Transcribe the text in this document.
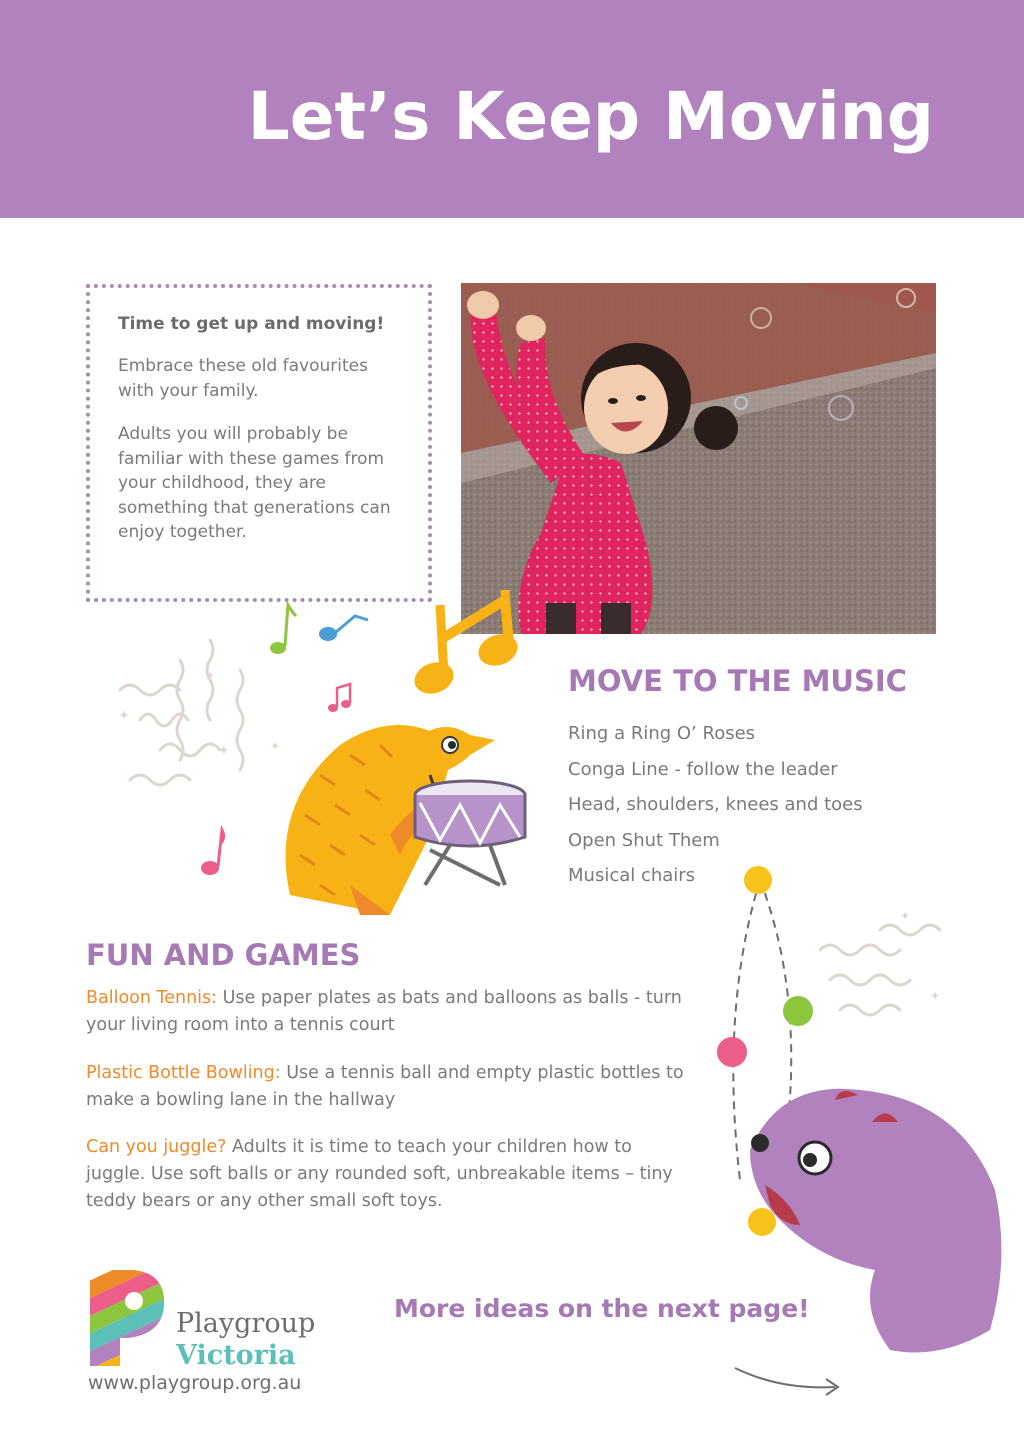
Let’s Keep Moving
Time to get up and moving!

Embrace these old favourites with your family.

Adults you will probably be familiar with these games from your childhood, they are something that generations can enjoy together.

✦
✦	✦
✦	MOVE TO THE MUSIC
Ring a Ring O’ Roses
Conga Line - follow the leader
Head, shoulders, knees and toes
Open Shut Them
Musical chairs
FUN AND GAMES
Balloon Tennis: Use paper plates as bats and balloons as balls - turn your living room into a tennis court
Plastic Bottle Bowling: Use a tennis ball and empty plastic bottles to make a bowling lane in the hallway
Can you juggle? Adults it is time to teach your children how to juggle. Use soft balls or any rounded soft, unbreakable items – tiny teddy bears or any other small soft toys.
✦
✦
More ideas on the next page!
Playgroup
Victoria
www.playgroup.org.au
